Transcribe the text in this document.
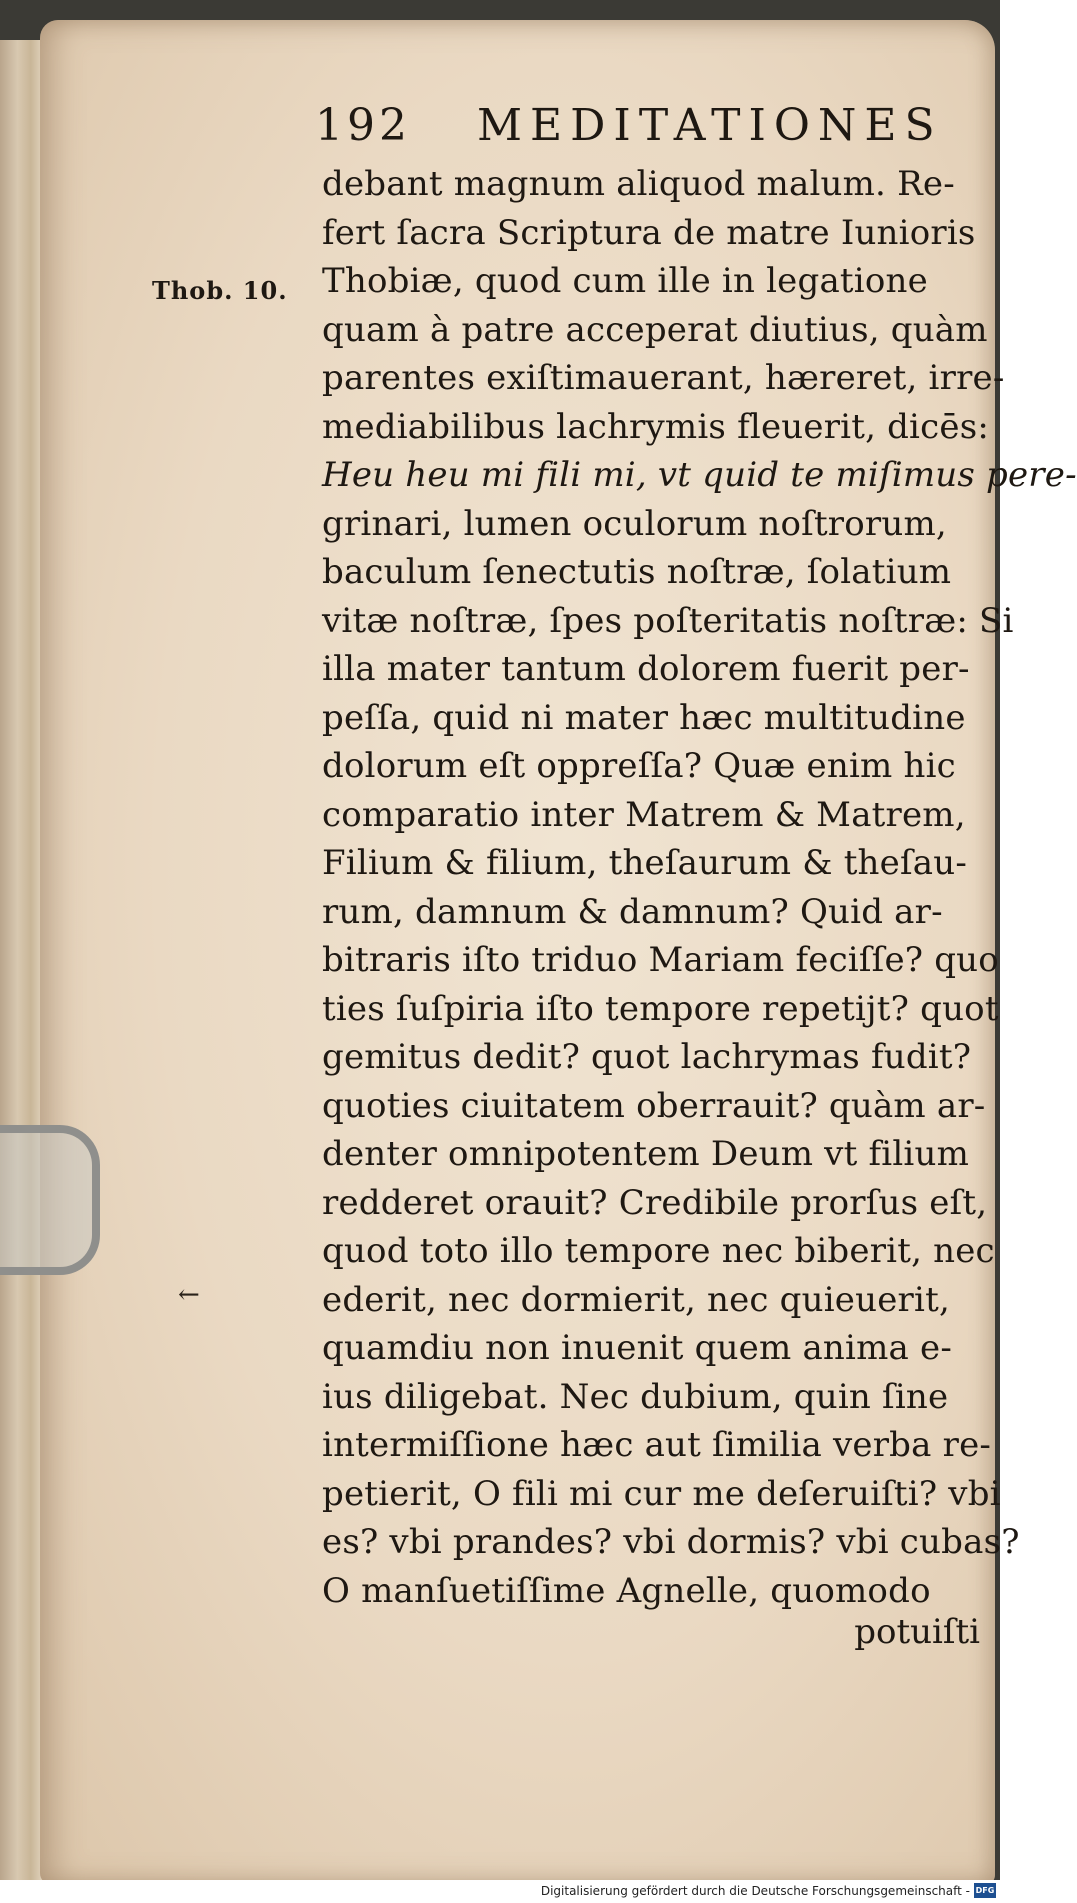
192 MEDITATIONES
Thob. 10.
←
debant magnum aliquod malum. Re-
fert ſacra Scriptura de matre Iunioris
Thobiæ, quod cum ille in legatione
quam à patre acceperat diutius, quàm
parentes exiſtimauerant, hæreret, irre-
mediabilibus lachrymis fleuerit, dicēs:
Heu heu mi fili mi, vt quid te miſimus pere-
grinari, lumen oculorum noſtrorum,
baculum ſenectutis noſtræ, ſolatium
vitæ noſtræ, ſpes poſteritatis noſtræ: Si
illa mater tantum dolorem fuerit per-
peſſa, quid ni mater hæc multitudine
dolorum eſt oppreſſa? Quæ enim hic
comparatio inter Matrem & Matrem,
Filium & filium, theſaurum & theſau-
rum, damnum & damnum? Quid ar-
bitraris iſto triduo Mariam feciſſe? quo
ties ſuſpiria iſto tempore repetijt? quot
gemitus dedit? quot lachrymas fudit?
quoties ciuitatem oberrauit? quàm ar-
denter omnipotentem Deum vt filium
redderet orauit? Credibile prorſus eſt,
quod toto illo tempore nec biberit, nec
ederit, nec dormierit, nec quieuerit,
quamdiu non inuenit quem anima e-
ius diligebat. Nec dubium, quin ſine
intermiſſione hæc aut ſimilia verba re-
petierit, O fili mi cur me deſeruiſti? vbi
es? vbi prandes? vbi dormis? vbi cubas?
O manſuetiſſime Agnelle, quomodo
potuiſti
Digitalisierung gefördert durch die Deutsche Forschungsgemeinschaft - DFG
